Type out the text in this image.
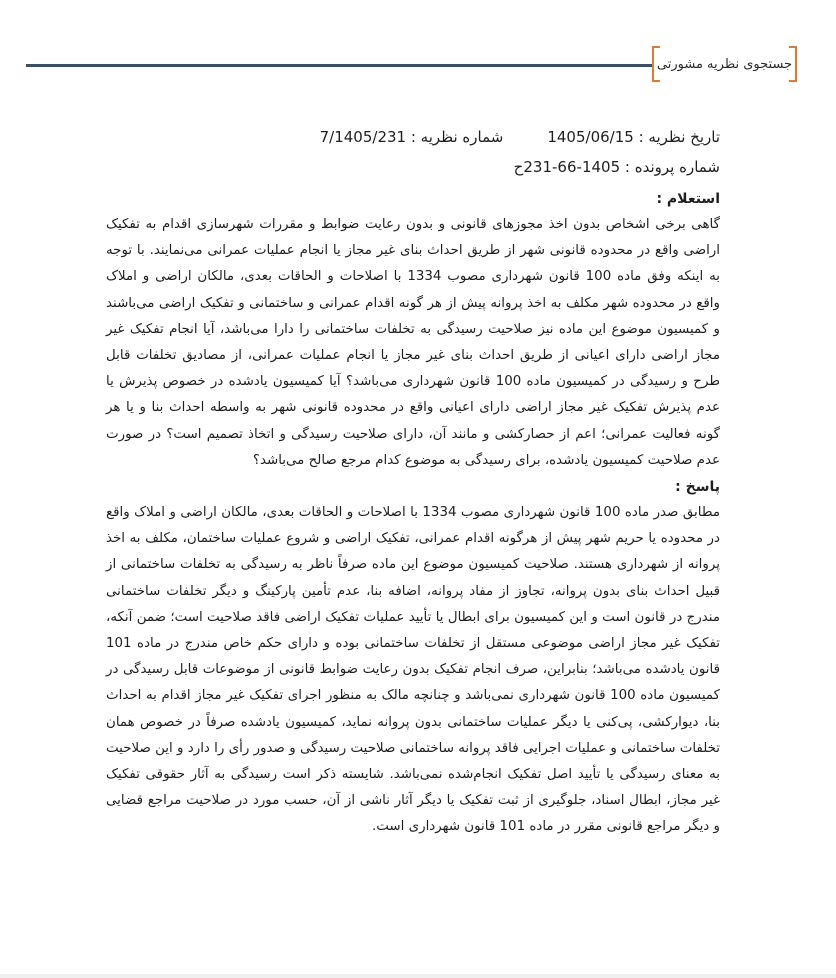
جستجوی نظریه مشورتی
تاریخ نظریه : 1405/06/15شماره نظریه : 7/1405/231
شماره پرونده : 1405-66-231ح
استعلام :

گاهی برخی اشخاص بدون اخذ مجوزهای قانونی و بدون رعایت ضوابط و مقررات شهرسازی اقدام به تفکیک اراضی واقع در محدوده قانونی شهر از طریق احداث بنای غیر مجاز یا انجام عملیات عمرانی می‌نمایند. با توجه به اینکه وفق ماده 100 قانون شهرداری مصوب 1334 با اصلاحات و الحاقات بعدی، مالکان اراضی و املاک واقع در محدوده شهر مکلف به اخذ پروانه پیش از هر گونه اقدام عمرانی و ساختمانی و تفکیک اراضی می‌باشند و کمیسیون موضوع این ماده نیز صلاحیت رسیدگی به تخلفات ساختمانی را دارا می‌باشد، آیا انجام تفکیک غیر مجاز اراضی دارای اعیانی از طریق احداث بنای غیر مجاز یا انجام عملیات عمرانی، از مصادیق تخلفات قابل طرح و رسیدگی در کمیسیون ماده 100 قانون شهرداری می‌باشد؟ آیا کمیسیون یادشده در خصوص پذیرش یا عدم پذیرش تفکیک غیر مجاز اراضی دارای اعیانی واقع در محدوده قانونی شهر به واسطه احداث بنا و یا هر گونه فعالیت عمرانی؛ اعم از حصارکشی و مانند آن، دارای صلاحیت رسیدگی و اتخاذ تصمیم است؟ در صورت عدم صلاحیت کمیسیون یادشده، برای رسیدگی به موضوع کدام مرجع صالح می‌باشد؟

پاسخ :

مطابق صدر ماده 100 قانون شهرداری مصوب 1334 با اصلاحات و الحاقات بعدی، مالکان اراضی و املاک واقع در محدوده یا حریم شهر پیش از هرگونه اقدام عمرانی، تفکیک اراضی و شروع عملیات ساختمان، مکلف به اخذ پروانه از شهرداری هستند. صلاحیت کمیسیون موضوع این ماده صرفاً ناظر به رسیدگی به تخلفات ساختمانی از قبیل احداث بنای بدون پروانه، تجاوز از مفاد پروانه، اضافه بنا، عدم تأمین پارکینگ و دیگر تخلفات ساختمانی مندرج در قانون است و این کمیسیون برای ابطال یا تأیید عملیات تفکیک اراضی فاقد صلاحیت است؛ ضمن آنکه، تفکیک غیر مجاز اراضی موضوعی مستقل از تخلفات ساختمانی بوده و دارای حکم خاص مندرج در ماده 101 قانون یادشده می‌باشد؛ بنابراین، صرف انجام تفکیک بدون رعایت ضوابط قانونی از موضوعات قابل رسیدگی در کمیسیون ماده 100 قانون شهرداری نمی‌باشد و چنانچه مالک به منظور اجرای تفکیک غیر مجاز اقدام به احداث بنا، دیوارکشی، پی‌کنی یا دیگر عملیات ساختمانی بدون پروانه نماید، کمیسیون یادشده صرفاً در خصوص همان تخلفات ساختمانی و عملیات اجرایی فاقد پروانه ساختمانی صلاحیت رسیدگی و صدور رأی را دارد و این صلاحیت به معنای رسیدگی یا تأیید اصل تفکیک انجام‌شده نمی‌باشد. شایسته ذکر است رسیدگی به آثار حقوقی تفکیک غیر مجاز، ابطال اسناد، جلوگیری از ثبت تفکیک یا دیگر آثار ناشی از آن، حسب مورد در صلاحیت مراجع قضایی و دیگر مراجع قانونی مقرر در ماده 101 قانون شهرداری است.
